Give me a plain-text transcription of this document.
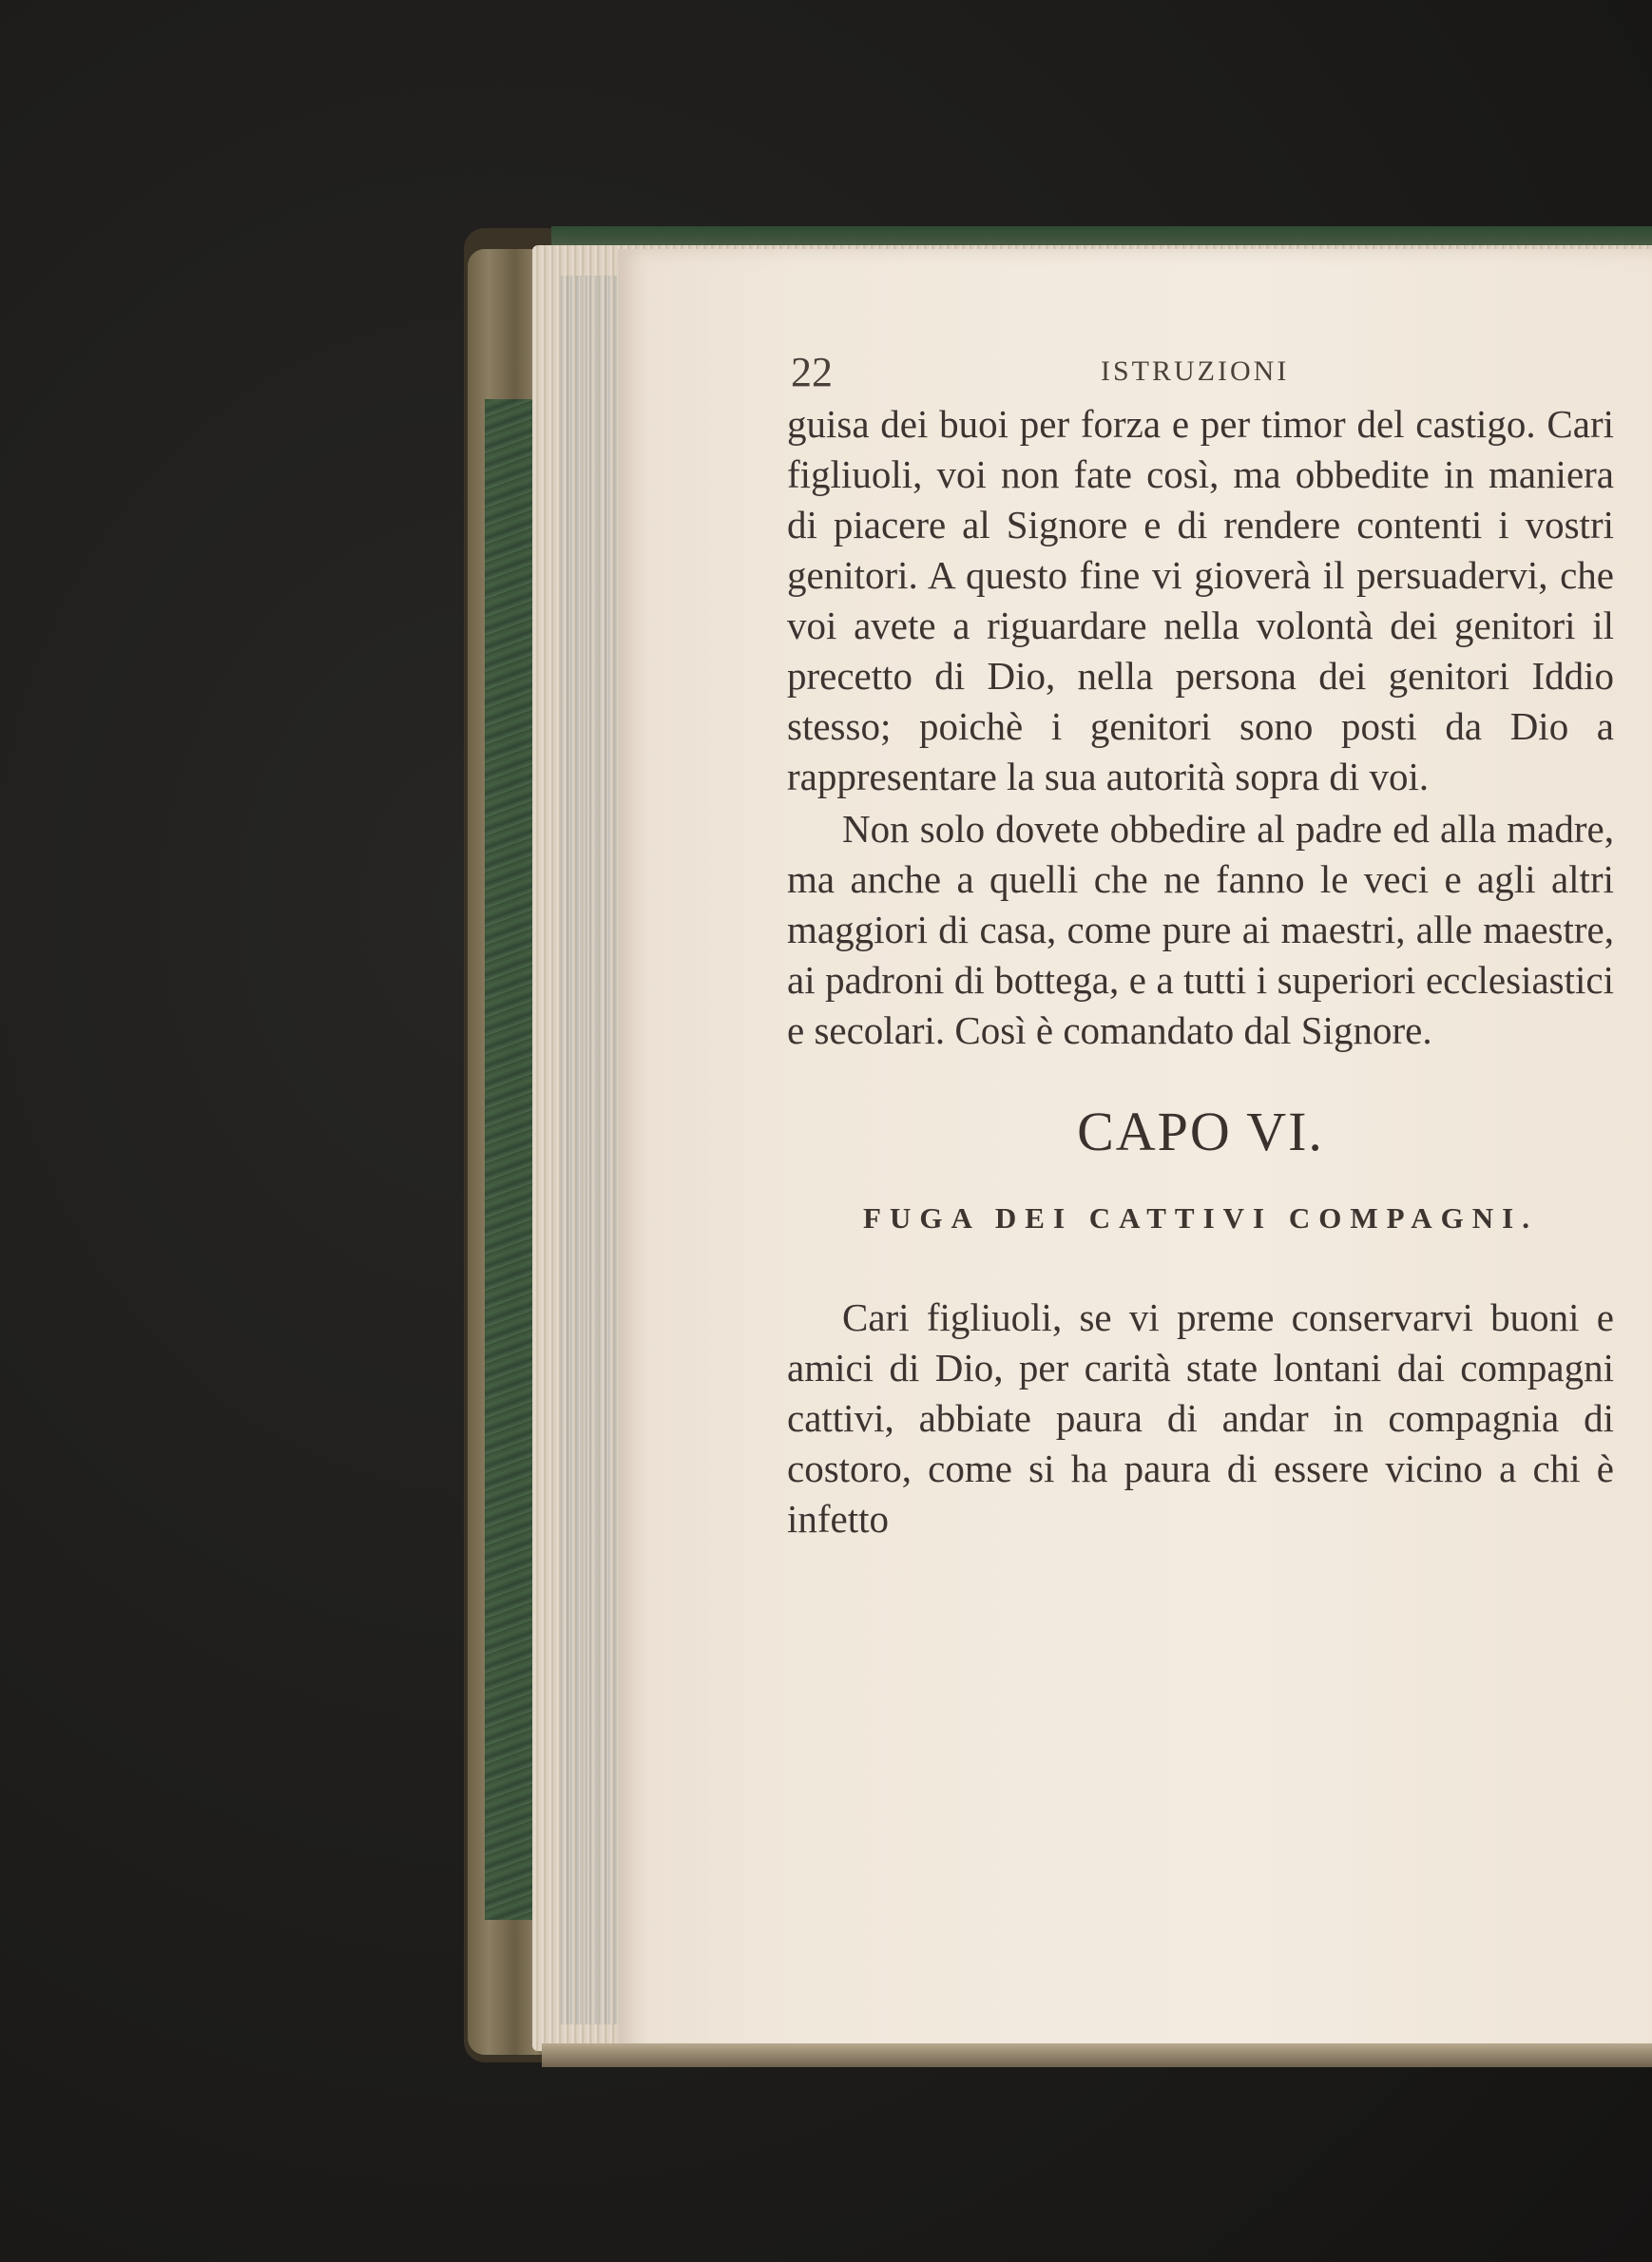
22	ISTRUZIONI

guisa dei buoi per forza e per timor del castigo. Cari figliuoli, voi non fate così, ma obbedite in maniera di piacere al Signore e di rendere contenti i vostri genitori. A questo fine vi gioverà il persuadervi, che voi avete a riguardare nella volontà dei genitori il precetto di Dio, nella persona dei genitori Iddio stesso; poichè i genitori sono posti da Dio a rappresentare la sua autorità sopra di voi.

Non solo dovete obbedire al padre ed alla madre, ma anche a quelli che ne fanno le veci e agli altri maggiori di casa, come pure ai maestri, alle maestre, ai padroni di bottega, e a tutti i superiori ecclesiastici e secolari. Così è comandato dal Signore.

CAPO VI.
FUGA DEI CATTIVI COMPAGNI.

Cari figliuoli, se vi preme conservarvi buoni e amici di Dio, per carità state lontani dai compagni cattivi, abbiate paura di andar in compagnia di costoro, come si ha paura di essere vicino a chi è infetto
